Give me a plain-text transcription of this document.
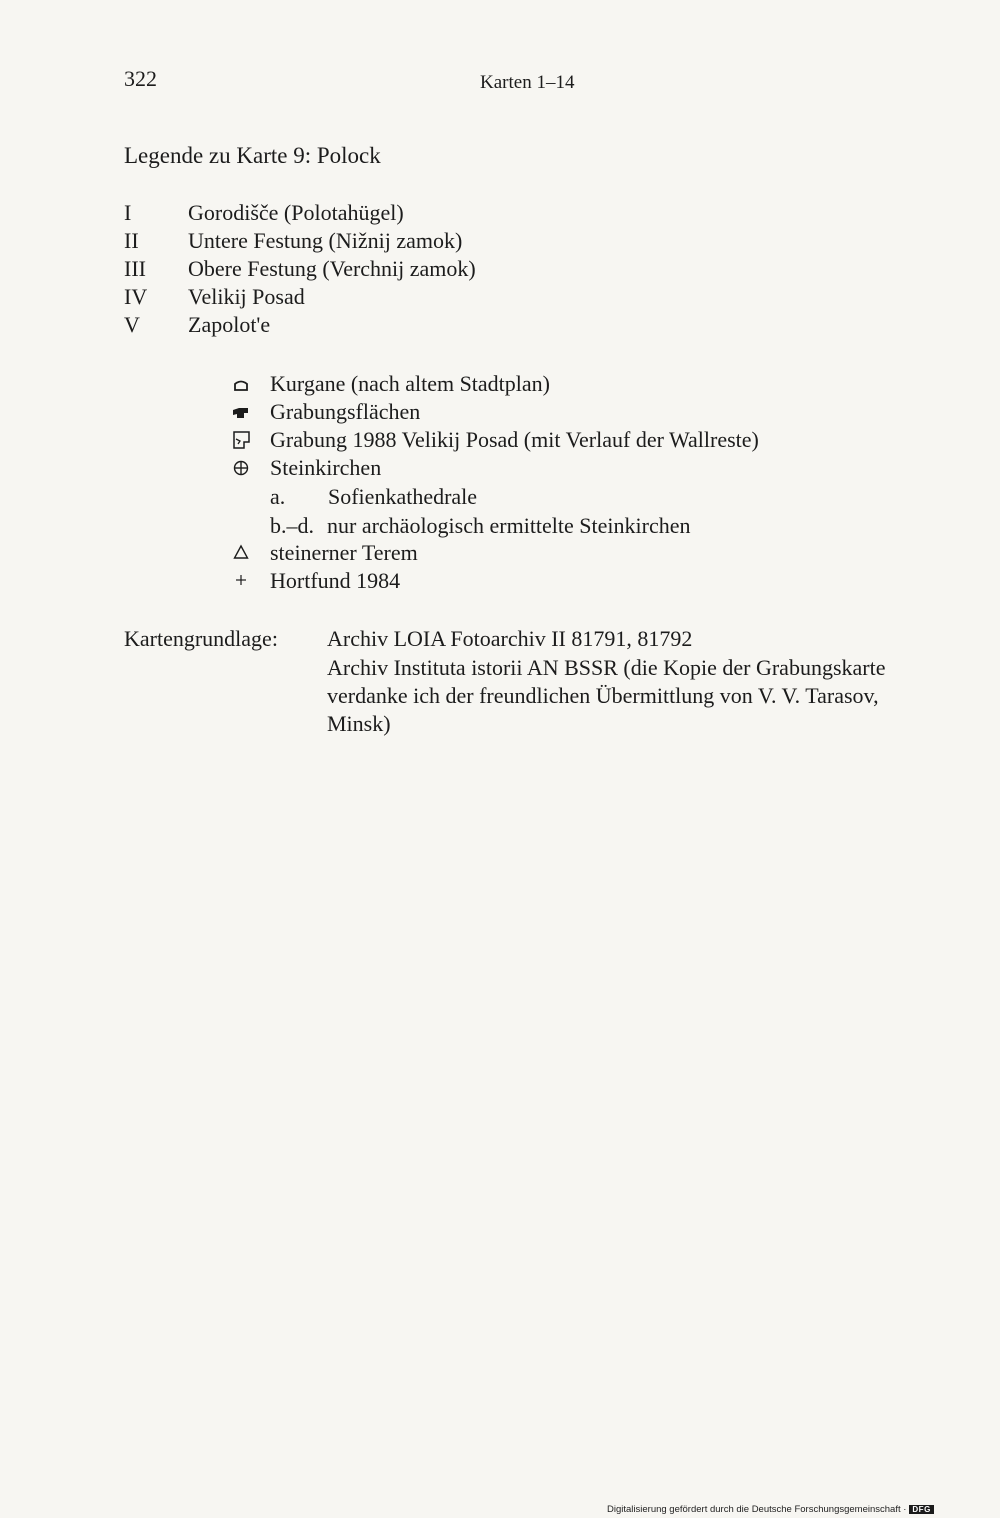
322	Karten 1–14
Legende zu Karte 9: Polock
I	Gorodišče (Polotahügel)
II Untere Festung (Nižnij zamok)
III Obere Festung (Verchnij zamok)
IV Velikij Posad
V Zapolot'e
Kurgane (nach altem Stadtplan)
Grabungsflächen
Grabung 1988 Velikij Posad (mit Verlauf der Wallreste)
Steinkirchen
a. Sofienkathedrale
b.–d. nur archäologisch ermittelte Steinkirchen
steinerner Terem
Hortfund 1984
Kartengrundlage: Archiv LOIA Fotoarchiv II 81791, 81792
Archiv Instituta istorii AN BSSR (die Kopie der Grabungskarte
verdanke ich der freundlichen Übermittlung von V. V. Tarasov,
Minsk)
Digitalisierung gefördert durch die Deutsche Forschungsgemeinschaft · DFG
